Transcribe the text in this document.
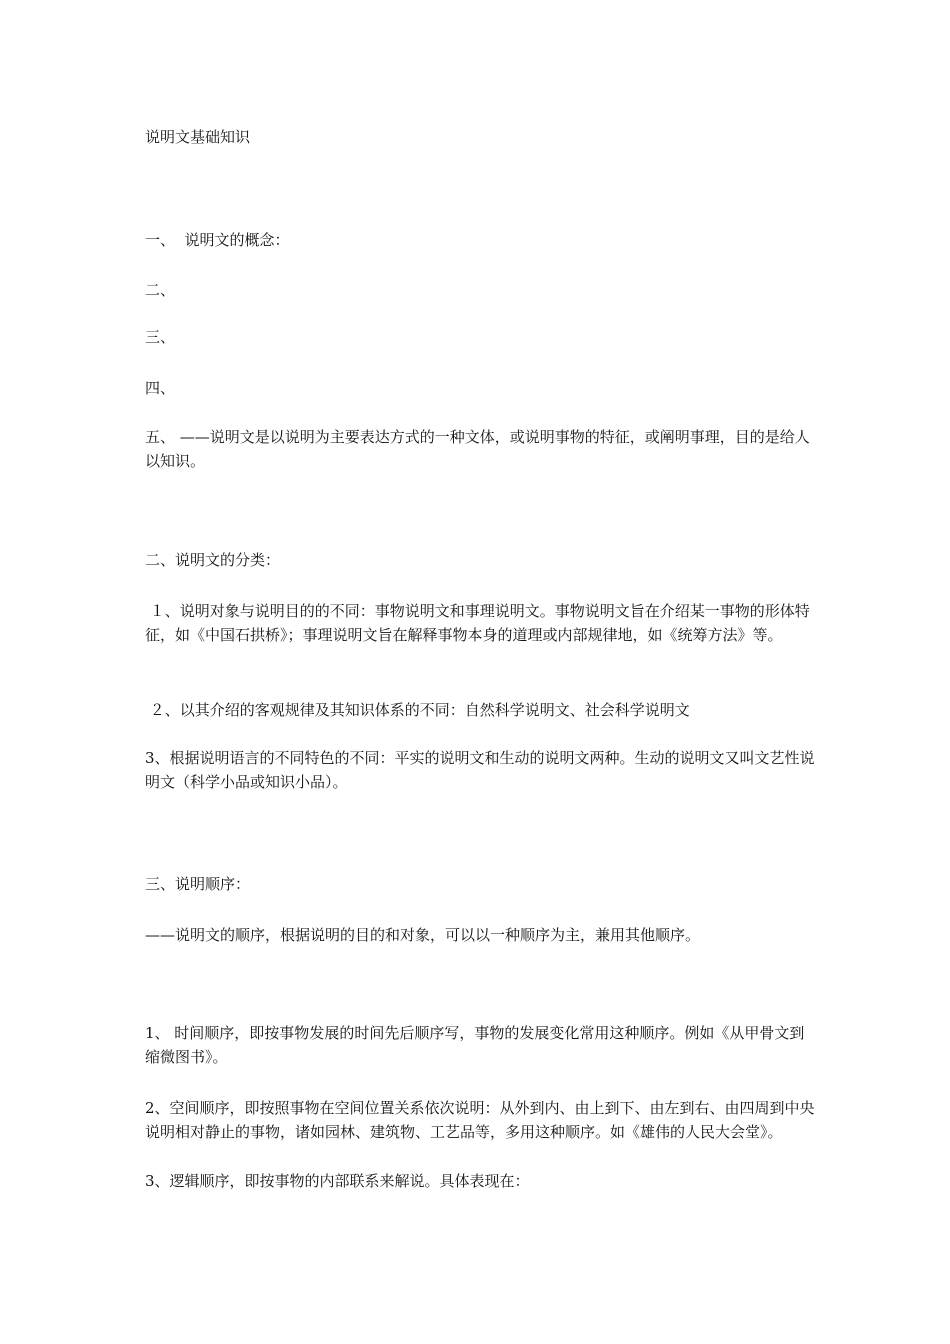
说明文基础知识
一、  说明文的概念：
二、
三、
四、
五、 ——说明文是以说明为主要表达方式的一种文体，或说明事物的特征，或阐明事理，目的是给人以知识。
二、说明文的分类：
１、说明对象与说明目的的不同：事物说明文和事理说明文。事物说明文旨在介绍某一事物的形体特征，如《中国石拱桥》；事理说明文旨在解释事物本身的道理或内部规律地，如《统筹方法》等。
２、以其介绍的客观规律及其知识体系的不同：自然科学说明文、社会科学说明文
3、根据说明语言的不同特色的不同：平实的说明文和生动的说明文两种。生动的说明文又叫文艺性说明文（科学小品或知识小品）。
三、说明顺序：
——说明文的顺序，根据说明的目的和对象，可以以一种顺序为主，兼用其他顺序。
1、 时间顺序，即按事物发展的时间先后顺序写，事物的发展变化常用这种顺序。例如《从甲骨文到缩微图书》。
2、空间顺序，即按照事物在空间位置关系依次说明：从外到内、由上到下、由左到右、由四周到中央说明相对静止的事物，诸如园林、建筑物、工艺品等，多用这种顺序。如《雄伟的人民大会堂》。
3、逻辑顺序，即按事物的内部联系来解说。具体表现在：
